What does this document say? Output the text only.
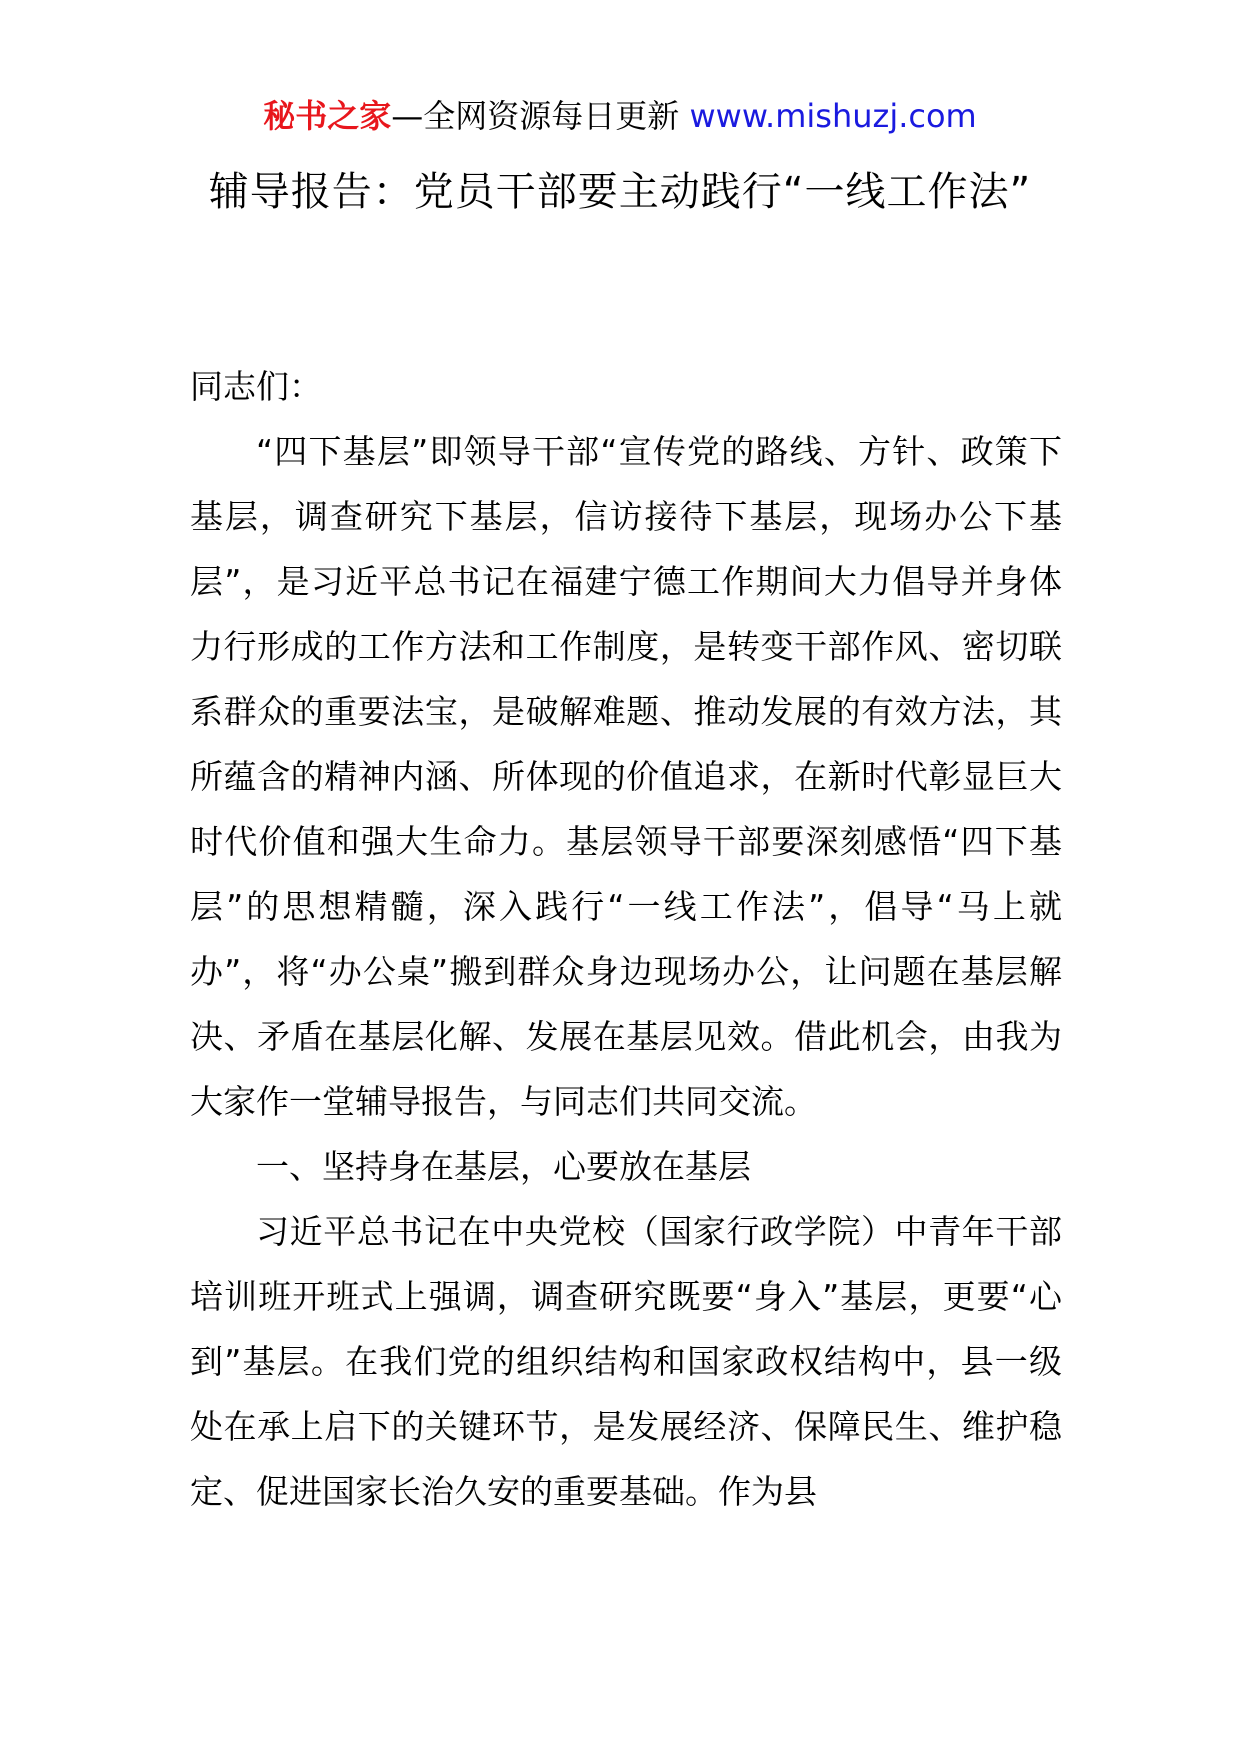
秘书之家—全网资源每日更新 www.mishuzj.com
辅导报告：党员干部要主动践行“一线工作法”

同志们：

“四下基层”即领导干部“宣传党的路线、方针、政策下基层，调查研究下基层，信访接待下基层，现场办公下基层”，是习近平总书记在福建宁德工作期间大力倡导并身体力行形成的工作方法和工作制度，是转变干部作风、密切联系群众的重要法宝，是破解难题、推动发展的有效方法，其所蕴含的精神内涵、所体现的价值追求，在新时代彰显巨大时代价值和强大生命力。基层领导干部要深刻感悟“四下基层”的思想精髓，深入践行“一线工作法”，倡导“马上就办”，将“办公桌”搬到群众身边现场办公，让问题在基层解决、矛盾在基层化解、发展在基层见效。借此机会，由我为大家作一堂辅导报告，与同志们共同交流。

一、坚持身在基层，心要放在基层

习近平总书记在中央党校（国家行政学院）中青年干部培训班开班式上强调，调查研究既要“身入”基层，更要“心到”基层。在我们党的组织结构和国家政权结构中，县一级处在承上启下的关键环节，是发展经济、保障民生、维护稳定、促进国家长治久安的重要基础。作为县
